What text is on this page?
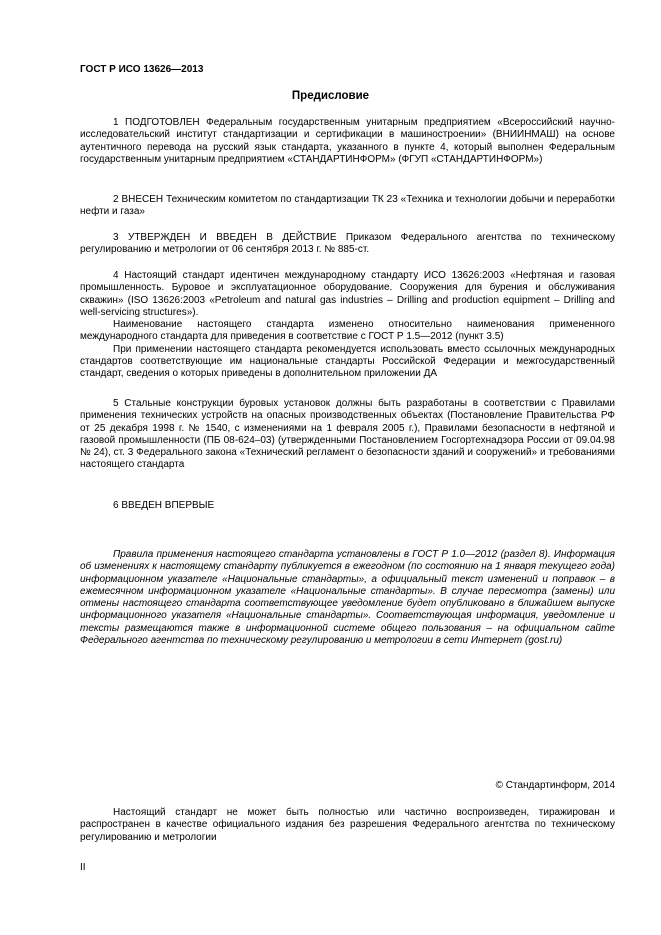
ГОСТ Р ИСО 13626—2013
Предисловие

1 ПОДГОТОВЛЕН Федеральным государственным унитарным предприятием «Всероссийский научно-исследовательский институт стандартизации и сертификации в машиностроении» (ВНИИНМАШ) на основе аутентичного перевода на русский язык стандарта, указанного в пункте 4, который выполнен Федеральным государственным унитарным предприятием «СТАНДАРТИНФОРМ» (ФГУП «СТАНДАРТИНФОРМ»)

2 ВНЕСЕН Техническим комитетом по стандартизации ТК 23 «Техника и технологии добычи и переработки нефти и газа»

3 УТВЕРЖДЕН И ВВЕДЕН В ДЕЙСТВИЕ Приказом Федерального агентства по техническому регулированию и метрологии от 06 сентября 2013 г. № 885-ст.

4 Настоящий стандарт идентичен международному стандарту ИСО 13626:2003 «Нефтяная и газовая промышленность. Буровое и эксплуатационное оборудование. Сооружения для бурения и обслуживания скважин» (ISO 13626:2003 «Petroleum and natural gas industries – Drilling and production equipment – Drilling and well-servicing structures»).

Наименование настоящего стандарта изменено относительно наименования примененного международного стандарта для приведения в соответствие с ГОСТ Р 1.5—2012 (пункт 3.5)

При применении настоящего стандарта рекомендуется использовать вместо ссылочных международных стандартов соответствующие им национальные стандарты Российской Федерации и межгосударственный стандарт, сведения о которых приведены в дополнительном приложении ДА

5 Стальные конструкции буровых установок должны быть разработаны в соответствии с Правилами применения технических устройств на опасных производственных объектах (Постановление Правительства РФ от 25 декабря 1998 г. № 1540, с изменениями на 1 февраля 2005 г.), Правилами безопасности в нефтяной и газовой промышленности (ПБ 08-624–03) (утвержденными Постановлением Госгортехнадзора России от 09.04.98 № 24), ст. 3 Федерального закона «Технический регламент о безопасности зданий и сооружений» и требованиями настоящего стандарта

6 ВВЕДЕН ВПЕРВЫЕ

Правила применения настоящего стандарта установлены в ГОСТ Р 1.0—2012 (раздел 8). Информация об изменениях к настоящему стандарту публикуется в ежегодном (по состоянию на 1 января текущего года) информационном указателе «Национальные стандарты», а официальный текст изменений и поправок – в ежемесячном информационном указателе «Национальные стандарты». В случае пересмотра (замены) или отмены настоящего стандарта соответствующее уведомление будет опубликовано в ближайшем выпуске информационного указателя «Национальные стандарты». Соответствующая информация, уведомление и тексты размещаются также в информационной системе общего пользования – на официальном сайте Федерального агентства по техническому регулированию и метрологии в сети Интернет (gost.ru)

© Стандартинформ, 2014

Настоящий стандарт не может быть полностью или частично воспроизведен, тиражирован и распространен в качестве официального издания без разрешения Федерального агентства по техническому регулированию и метрологии

II
